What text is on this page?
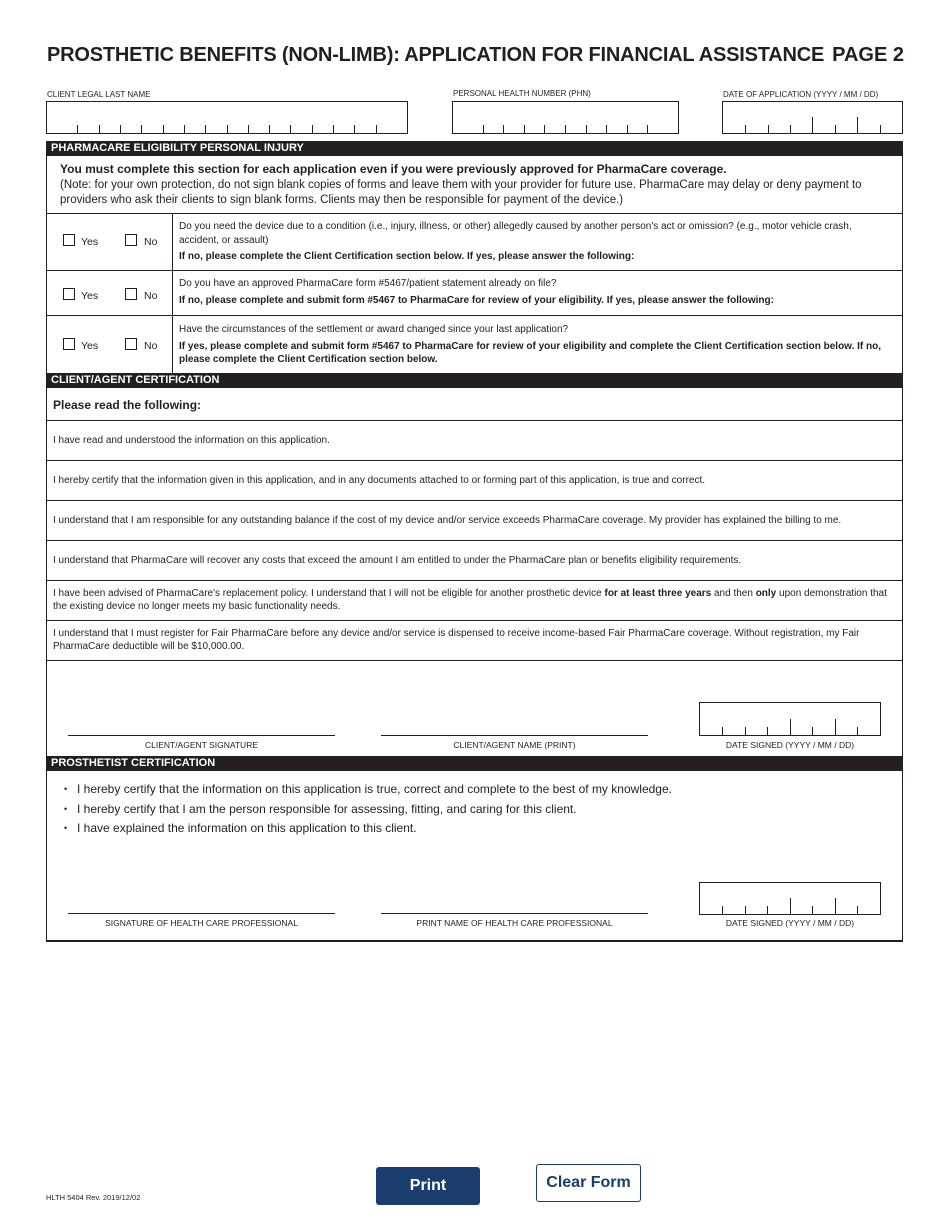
PROSTHETIC BENEFITS (NON-LIMB): APPLICATION FOR FINANCIAL ASSISTANCE PAGE 2
CLIENT LEGAL LAST NAME	PERSONAL HEALTH NUMBER (PHN)	DATE OF APPLICATION (YYYY / MM / DD)
PHARMACARE ELIGIBILITY PERSONAL INJURY
You must complete this section for each application even if you were previously approved for PharmaCare coverage.
(Note: for your own protection, do not sign blank copies of forms and leave them with your provider for future use. PharmaCare may delay or deny payment to providers who ask their clients to sign blank forms. Clients may then be responsible for payment of the device.)
Yes	No
Do you need the device due to a condition (i.e., injury, illness, or other) allegedly caused by another person's act or omission? (e.g., motor vehicle crash, accident, or assault)
If no, please complete the Client Certification section below. If yes, please answer the following:
Yes	No
Do you have an approved PharmaCare form #5467/patient statement already on file?
If no, please complete and submit form #5467 to PharmaCare for review of your eligibility. If yes, please answer the following:
Yes	No
Have the circumstances of the settlement or award changed since your last application?
If yes, please complete and submit form #5467 to PharmaCare for review of your eligibility and complete the Client Certification section below. If no, please complete the Client Certification section below.
CLIENT/AGENT CERTIFICATION
Please read the following:
I have read and understood the information on this application.
I hereby certify that the information given in this application, and in any documents attached to or forming part of this application, is true and correct.
I understand that I am responsible for any outstanding balance if the cost of my device and/or service exceeds PharmaCare coverage. My provider has explained the billing to me.
I understand that PharmaCare will recover any costs that exceed the amount I am entitled to under the PharmaCare plan or benefits eligibility requirements.
I have been advised of PharmaCare's replacement policy. I understand that I will not be eligible for another prosthetic device for at least three years and then only upon demonstration that the existing device no longer meets my basic functionality needs.
I understand that I must register for Fair PharmaCare before any device and/or service is dispensed to receive income-based Fair PharmaCare coverage. Without registration, my Fair PharmaCare deductible will be $10,000.00.
CLIENT/AGENT SIGNATURE	CLIENT/AGENT NAME (PRINT)	DATE SIGNED (YYYY / MM / DD)
PROSTHETIST CERTIFICATION
• I hereby certify that the information on this application is true, correct and complete to the best of my knowledge.
• I hereby certify that I am the person responsible for assessing, fitting, and caring for this client.
• I have explained the information on this application to this client.
SIGNATURE OF HEALTH CARE PROFESSIONAL	PRINT NAME OF HEALTH CARE PROFESSIONAL	DATE SIGNED (YYYY / MM / DD)
HLTH 5404 Rev. 2019/12/02
Print	Clear Form
